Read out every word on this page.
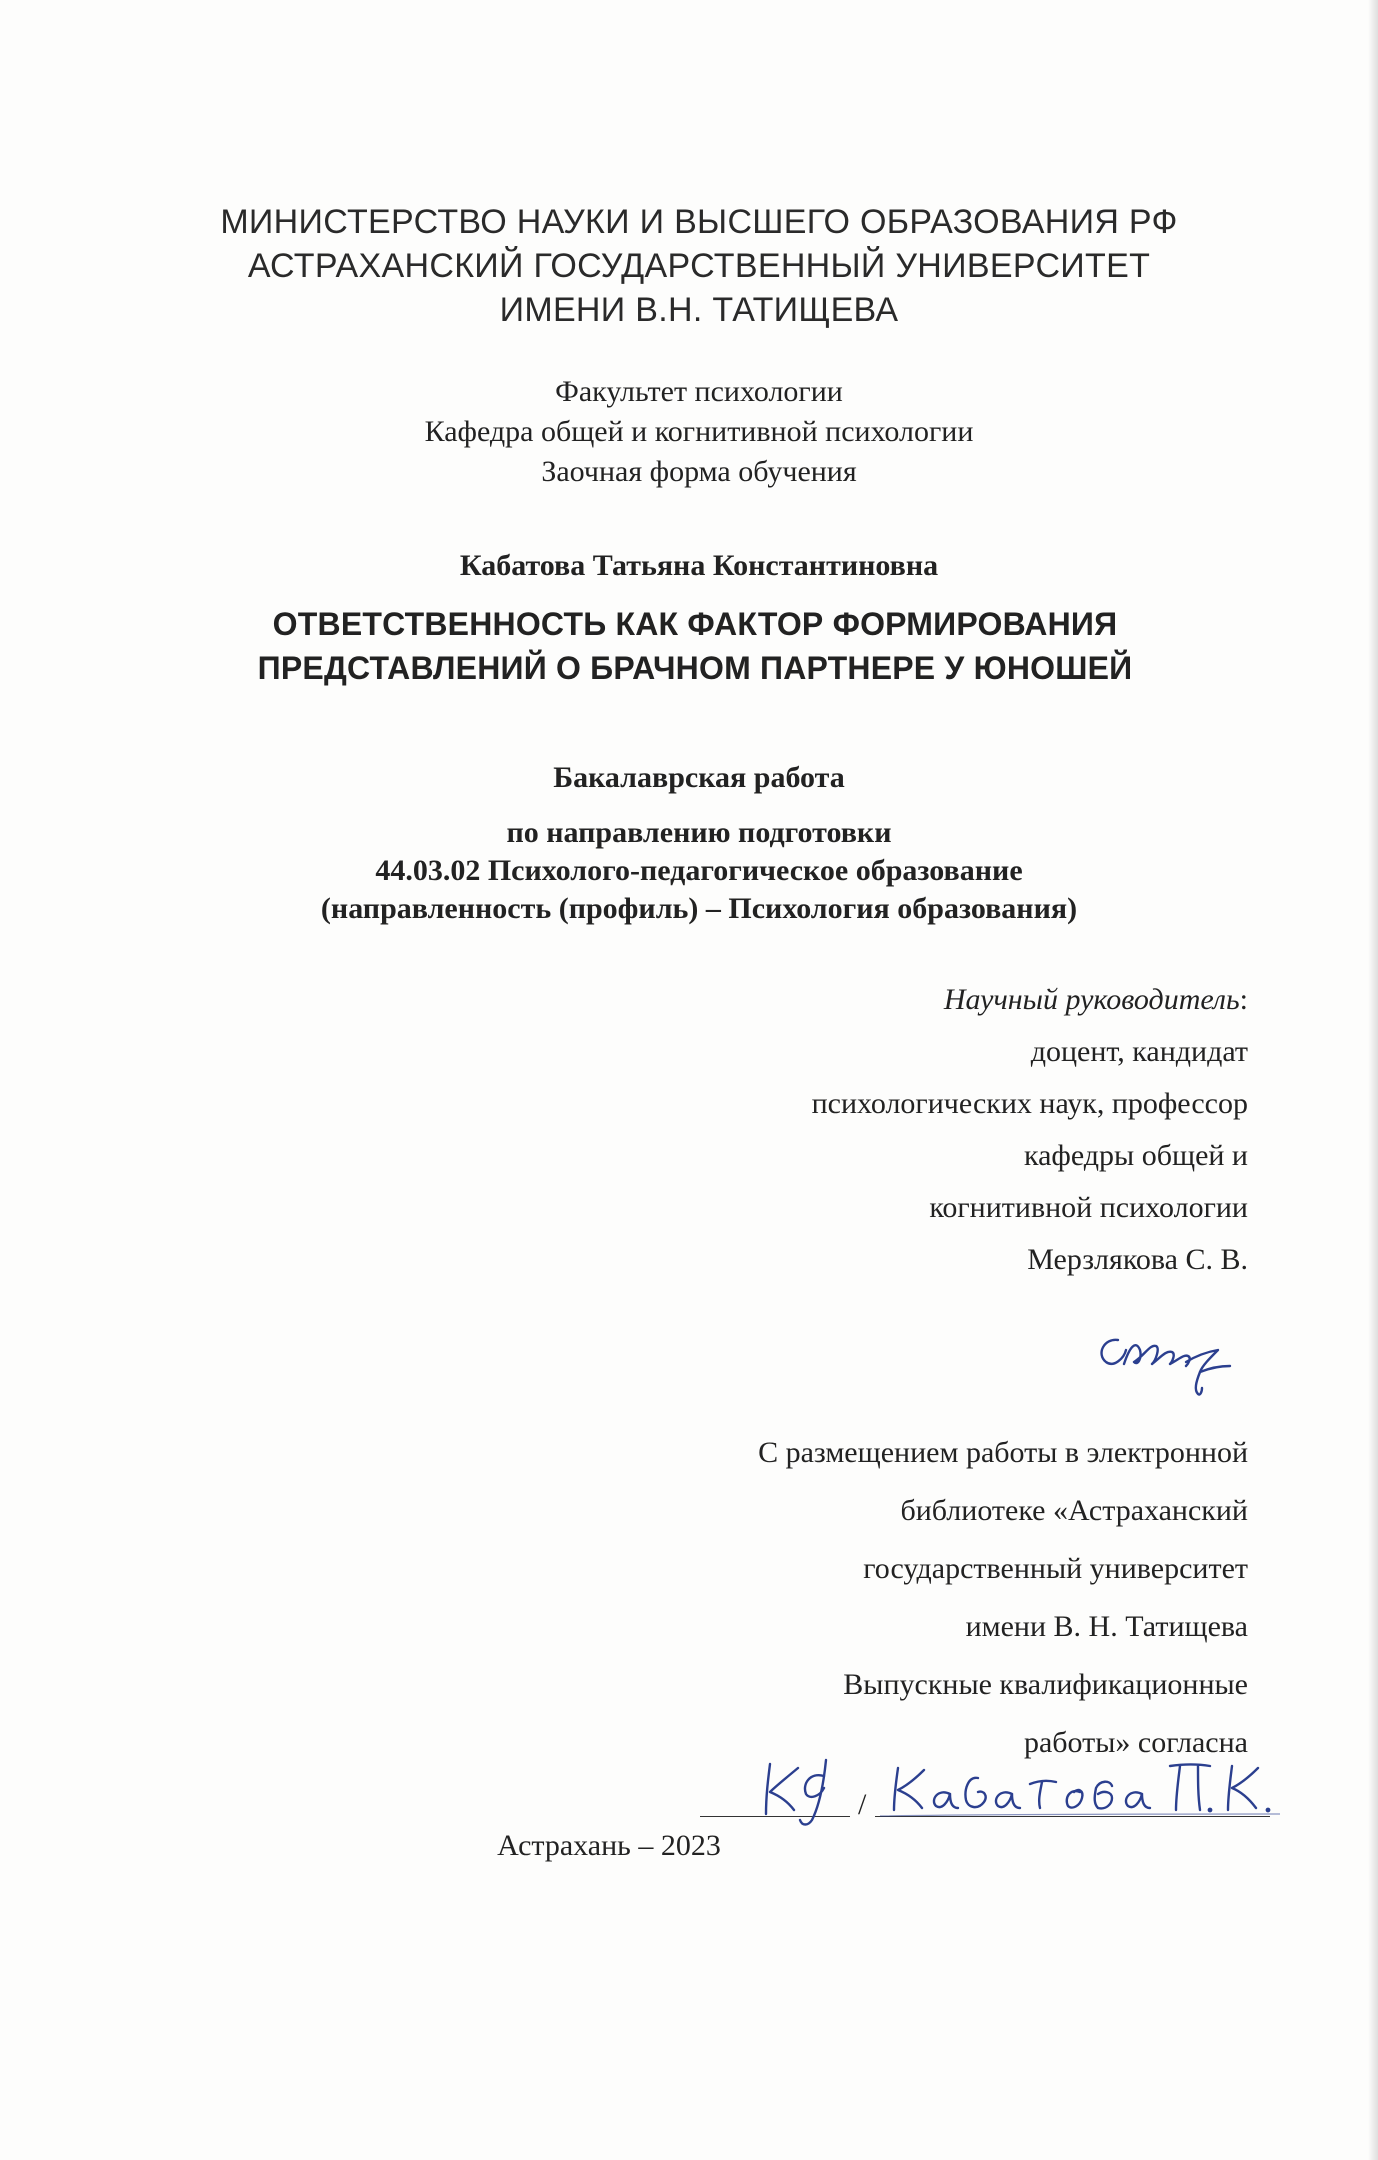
МИНИСТЕРСТВО НАУКИ И ВЫСШЕГО ОБРАЗОВАНИЯ РФ
АСТРАХАНСКИЙ ГОСУДАРСТВЕННЫЙ УНИВЕРСИТЕТ
ИМЕНИ В.Н. ТАТИЩЕВА
Факультет психологии
Кафедра общей и когнитивной психологии
Заочная форма обучения
Кабатова Татьяна Константиновна
ОТВЕТСТВЕННОСТЬ КАК ФАКТОР ФОРМИРОВАНИЯ
ПРЕДСТАВЛЕНИЙ О БРАЧНОМ ПАРТНЕРЕ У ЮНОШЕЙ
Бакалаврская работа
по направлению подготовки
44.03.02 Психолого-педагогическое образование
(направленность (профиль) – Психология образования)
Научный руководитель:
доцент, кандидат
психологических наук, профессор
кафедры общей и
когнитивной психологии
Мерзлякова С. В.
С размещением работы в электронной
библиотеке «Астраханский
государственный университет
имени В. Н. Татищева
Выпускные квалификационные
работы» согласна
/
Астрахань – 2023
